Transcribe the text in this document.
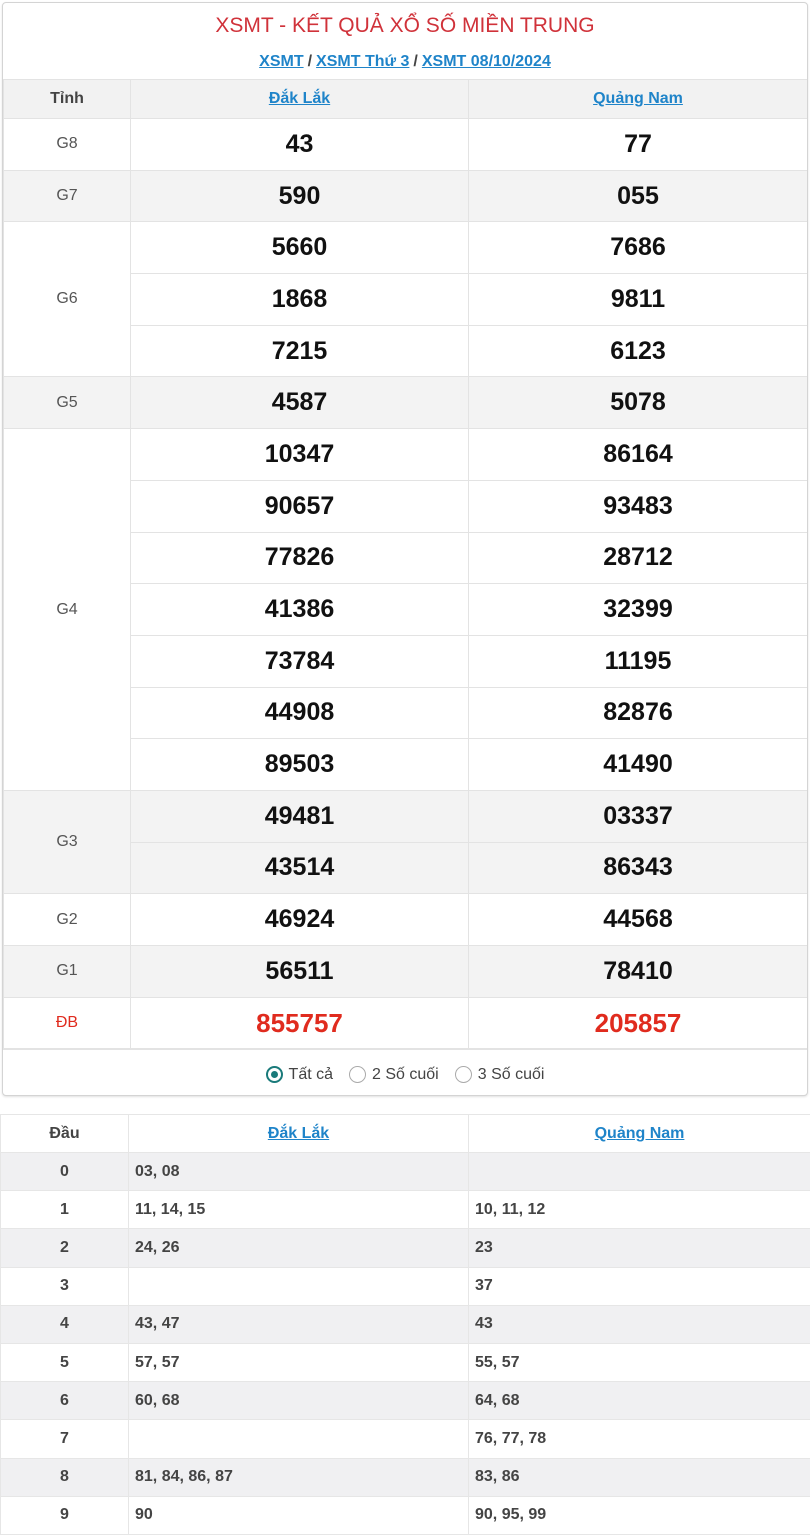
XSMT - KẾT QUẢ XỔ SỐ MIỀN TRUNG
XSMT / XSMT Thứ 3 / XSMT 08/10/2024
Tỉnh	Đắk Lắk	Quảng Nam
G8	43	77
G7	590	055
G6	5660	7686
	1868	9811
	7215	6123
G5	4587	5078
G4	10347	86164
	90657	93483
	77826	28712
	41386	32399
	73784	11195
	44908	82876
	89503	41490
G3	49481	03337
	43514	86343
G2	46924	44568
G1	56511	78410
ĐB	855757	205857
Tất cả 2 Số cuối 3 Số cuối
Đầu	Đắk Lắk	Quảng Nam
0	03, 08	
1	11, 14, 15	10, 11, 12
2	24, 26	23
3		37
4	43, 47	43
5	57, 57	55, 57
6	60, 68	64, 68
7		76, 77, 78
8	81, 84, 86, 87	83, 86
9	90	90, 95, 99
